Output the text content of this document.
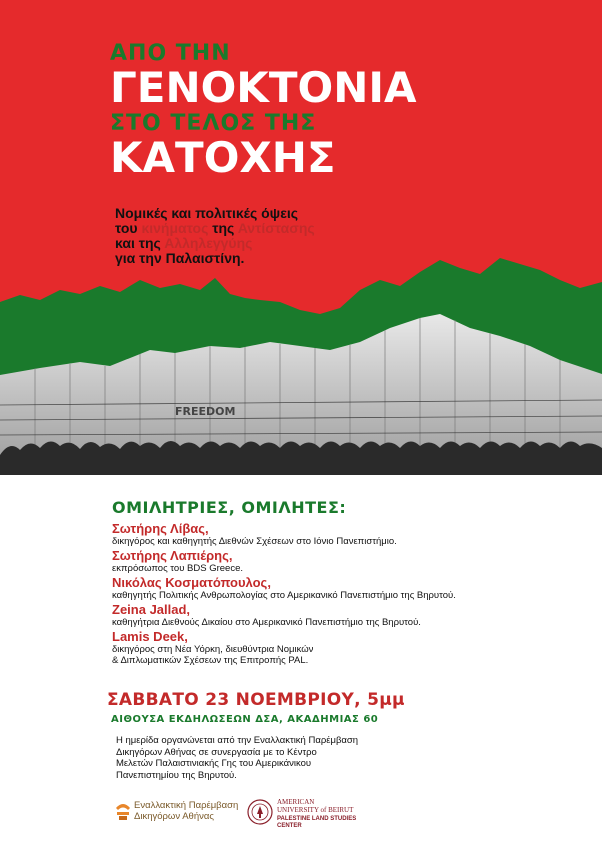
ΑΠΟ ΤΗΝ
ΓΕΝΟΚΤΟΝΙΑ
ΣΤΟ ΤΕΛΟΣ ΤΗΣ
ΚΑΤΟΧΗΣ
Νομικές και πολιτικές όψεις
του κινήματος της Αντίστασης
και της Αλληλεγγύης
για την Παλαιστίνη.
FREEDOM
ΟΜΙΛΗΤΡΙΕΣ, ΟΜΙΛΗΤΕΣ:
Σωτήρης Λίβας,
δικηγόρος και καθηγητής Διεθνών Σχέσεων στο Ιόνιο Πανεπιστήμιο.
Σωτήρης Λαπιέρης,
εκπρόσωπος του BDS Greece.
Νικόλας Κοσματόπουλος,
καθηγητής Πολιτικής Ανθρωπολογίας στο Αμερικανικό Πανεπιστήμιο της Βηρυτού.
Zeina Jallad,
καθηγήτρια Διεθνούς Δικαίου στο Αμερικανικό Πανεπιστήμιο της Βηρυτού.
Lamis Deek,
δικηγόρος στη Νέα Υόρκη, διευθύντρια Νομικών
& Διπλωματικών Σχέσεων της Επιτροπής PAL.
ΣΑΒΒΑΤΟ 23 ΝΟΕΜΒΡΙΟΥ, 5μμ
ΑΙΘΟΥΣΑ ΕΚΔΗΛΩΣΕΩΝ ΔΣΑ, ΑΚΑΔΗΜΙΑΣ 60
Η ημερίδα οργανώνεται από την Εναλλακτική Παρέμβαση
Δικηγόρων Αθήνας σε συνεργασία με το Κέντρο
Μελετών Παλαιστινιακής Γης του Αμερικάνικου
Πανεπιστημίου της Βηρυτού.
Εναλλακτική Παρέμβαση
Δικηγόρων Αθήνας
AMERICAN
UNIVERSITY of BEIRUT
PALESTINE LAND STUDIES
CENTER
